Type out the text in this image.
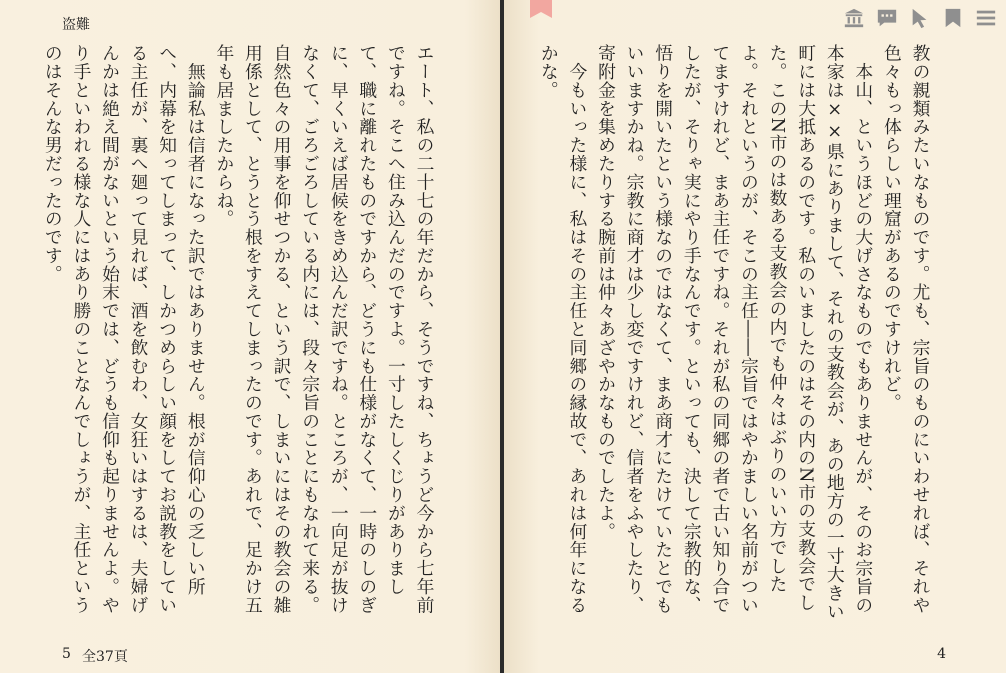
盗難
エート、私の二十七の年だから、そうですね、ちょうど今から七年前ですね。そこへ住み込んだのですよ。一寸したしくじりがありまして、職に離れたものですから、どうにも仕様がなくて、一時のしのぎに、早くいえば居候をきめ込んだ訳ですね。ところが、一向足が抜けなくて、ごろごろしている内には、段々宗旨のことにもなれて来る。自然色々の用事を仰せつかる、という訳で、しまいにはその教会の雑用係として、とうとう根をすえてしまったのです。あれで、足かけ五年も居ましたからね。
　無論私は信者になった訳ではありません。根が信仰心の乏しい所へ、内幕を知ってしまって、しかつめらしい顔をしてお説教をしている主任が、裏へ廻って見れば、酒を飲むわ、女狂いはするは、夫婦げんかは絶え間がないという始末では、どうも信仰も起りませんよ。やり手といわれる様な人にはあり勝のことなんでしょうが、主任というのはそんな男だったのです。
5 全37頁
教の親類みたいなものです。尤も、宗旨のものにいわせれば、それや色々もっ体らしい理窟があるのですけれど。
　本山、というほどの大げさなものでもありませんが、そのお宗旨の本家は××県にありまして、それの支教会が、あの地方の一寸大きい町には大抵あるのです。私のいましたのはその内のN市の支教会でした。このN市のは数ある支教会の内でも仲々はぶりのいい方でしたよ。それというのが、そこの主任――宗旨ではやかましい名前がついてますけれど、まあ主任ですね。それが私の同郷の者で古い知り合でしたが、そりゃ実にやり手なんです。といっても、決して宗教的な、悟りを開いたという様なのではなくて、まあ商才にたけていたとでもいいますかね。宗教に商才は少し変ですけれど、信者をふやしたり、寄附金を集めたりする腕前は仲々あざやかなものでしたよ。
　今もいった様に、私はその主任と同郷の縁故で、あれは何年になるかな。
4
